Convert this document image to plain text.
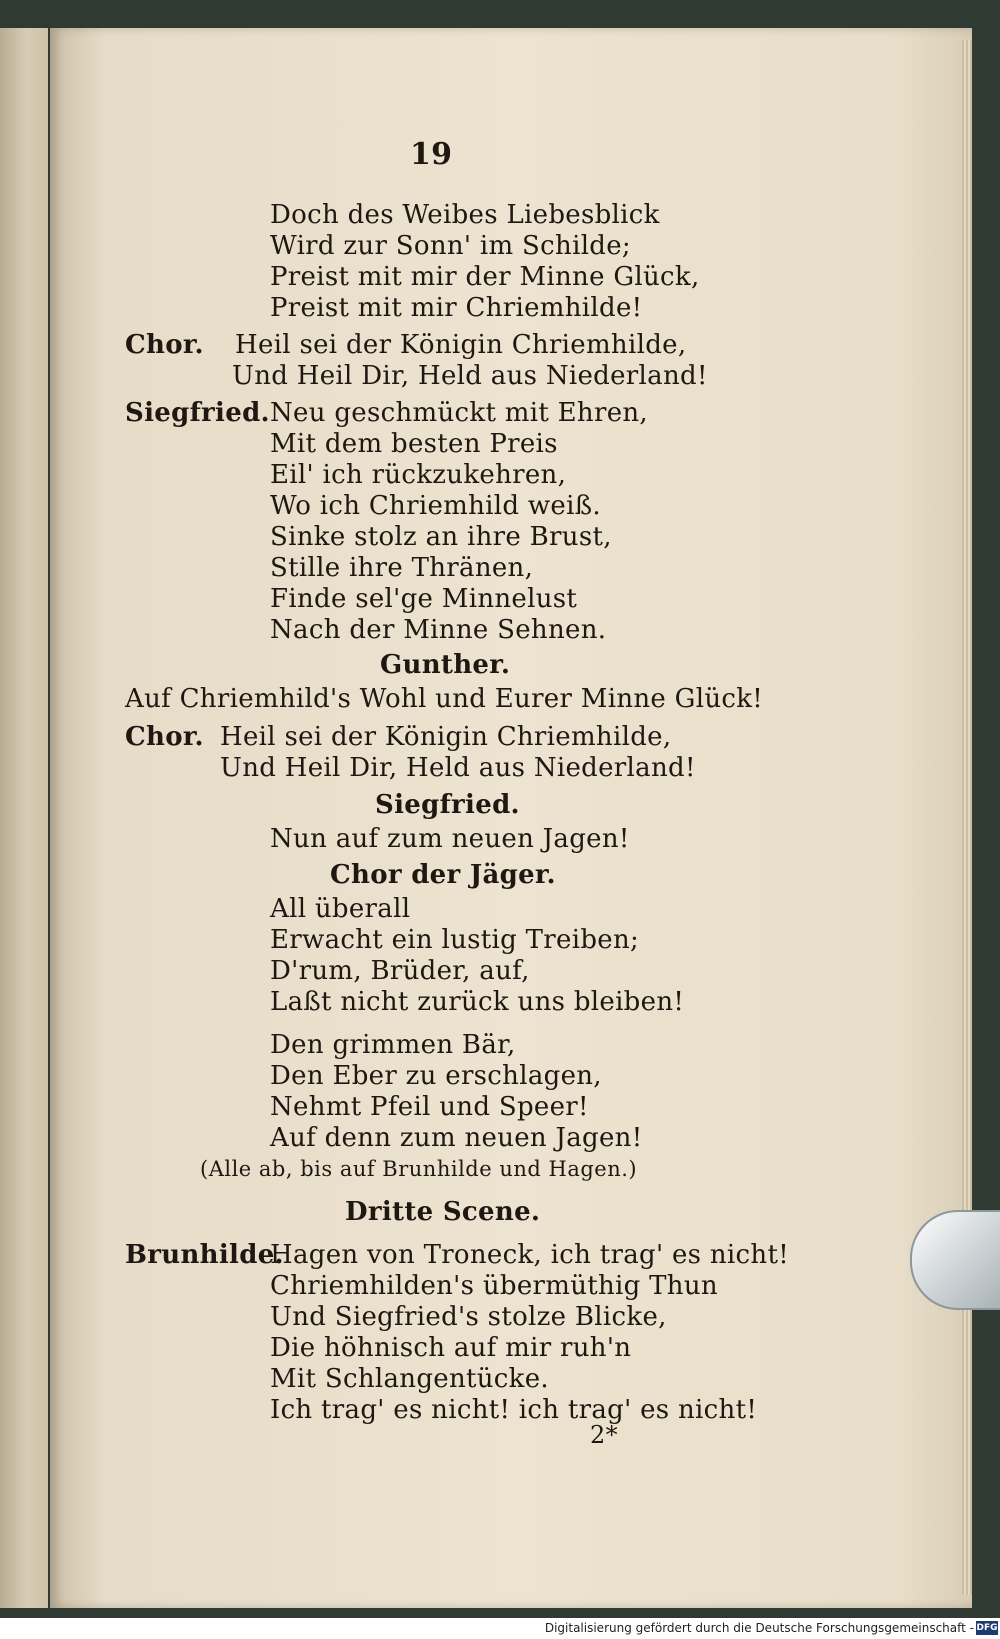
19
Doch des Weibes Liebesblick
Wird zur Sonn' im Schilde;
Preist mit mir der Minne Glück,
Preist mit mir Chriemhilde!
Chor. Heil sei der Königin Chriemhilde,
Und Heil Dir, Held aus Niederland!
Siegfried. Neu geschmückt mit Ehren,
Mit dem besten Preis
Eil' ich rückzukehren,
Wo ich Chriemhild weiß.
Sinke stolz an ihre Brust,
Stille ihre Thränen,
Finde sel'ge Minnelust
Nach der Minne Sehnen.
Gunther.
Auf Chriemhild's Wohl und Eurer Minne Glück!
Chor. Heil sei der Königin Chriemhilde,
Und Heil Dir, Held aus Niederland!
Siegfried.
Nun auf zum neuen Jagen!
Chor der Jäger.
All überall
Erwacht ein lustig Treiben;
D'rum, Brüder, auf,
Laßt nicht zurück uns bleiben!
Den grimmen Bär,
Den Eber zu erschlagen,
Nehmt Pfeil und Speer!
Auf denn zum neuen Jagen!
(Alle ab, bis auf Brunhilde und Hagen.)
Dritte Scene.
Brunhilde.
Hagen von Troneck, ich trag' es nicht!
Chriemhilden's übermüthig Thun
Und Siegfried's stolze Blicke,
Die höhnisch auf mir ruh'n
Mit Schlangentücke.
Ich trag' es nicht! ich trag' es nicht!
2*
Digitalisierung gefördert durch die Deutsche Forschungsgemeinschaft - DFG
